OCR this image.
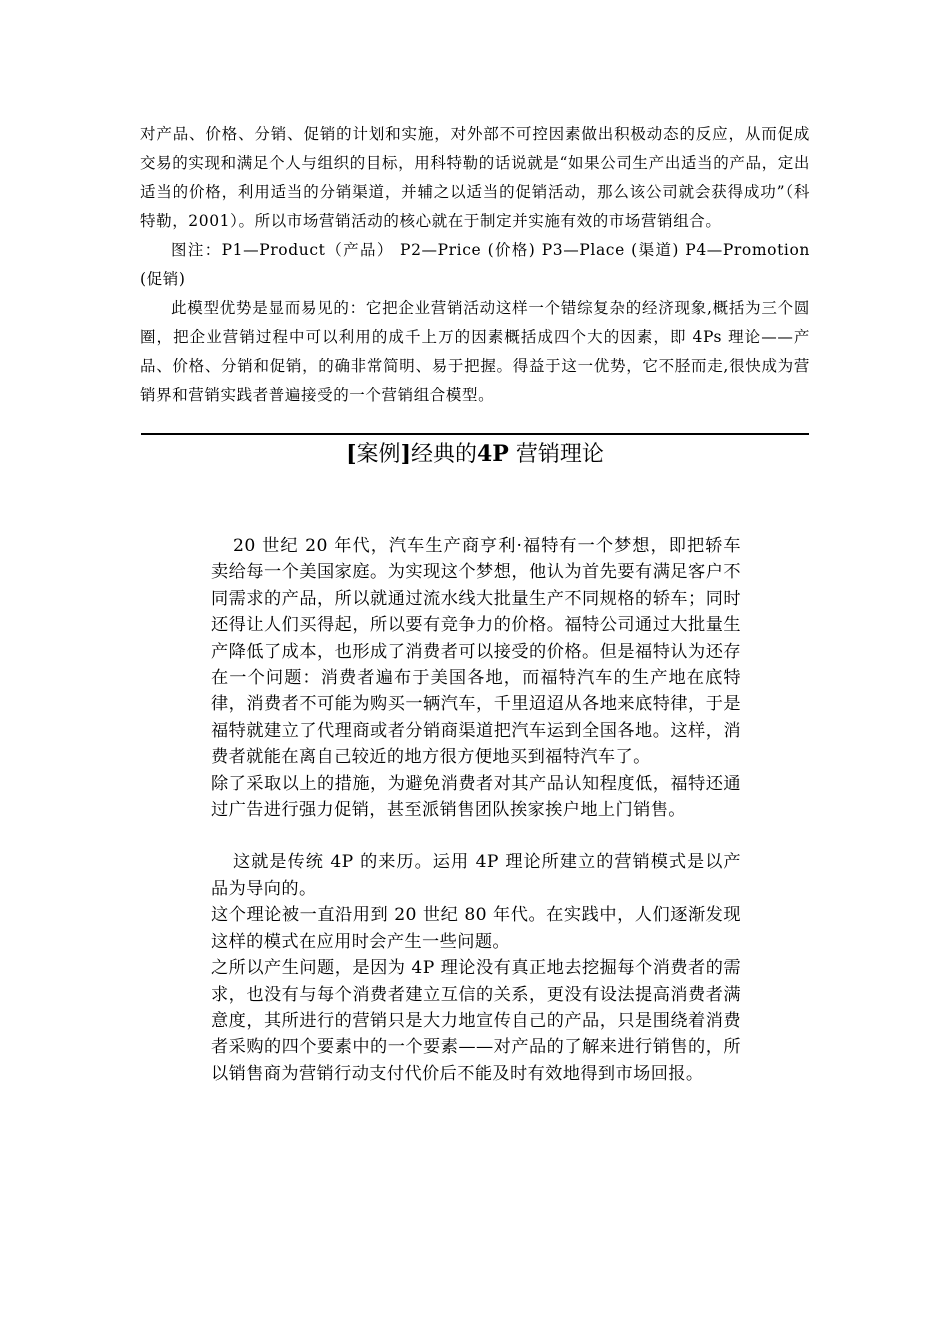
对产品、价格、分销、促销的计划和实施，对外部不可控因素做出积极动态的反应，从而促成交易的实现和满足个人与组织的目标，用科特勒的话说就是“如果公司生产出适当的产品，定出适当的价格，利用适当的分销渠道，并辅之以适当的促销活动，那么该公司就会获得成功”（科特勒，2001）。所以市场营销活动的核心就在于制定并实施有效的市场营销组合。

图注：P1—Product（产品） P2—Price (价格) P3—Place (渠道) P4—Promotion (促销)

此模型优势是显而易见的：它把企业营销活动这样一个错综复杂的经济现象,概括为三个圆圈，把企业营销过程中可以利用的成千上万的因素概括成四个大的因素，即 4Ps 理论——产品、价格、分销和促销，的确非常简明、易于把握。得益于这一优势，它不胫而走,很快成为营销界和营销实践者普遍接受的一个营销组合模型。

[案例]经典的4P 营销理论

20 世纪 20 年代，汽车生产商亨利·福特有一个梦想，即把轿车卖给每一个美国家庭。为实现这个梦想，他认为首先要有满足客户不同需求的产品，所以就通过流水线大批量生产不同规格的轿车；同时还得让人们买得起，所以要有竞争力的价格。福特公司通过大批量生产降低了成本，也形成了消费者可以接受的价格。但是福特认为还存在一个问题：消费者遍布于美国各地，而福特汽车的生产地在底特律，消费者不可能为购买一辆汽车，千里迢迢从各地来底特律，于是福特就建立了代理商或者分销商渠道把汽车运到全国各地。这样，消费者就能在离自己较近的地方很方便地买到福特汽车了。

除了采取以上的措施，为避免消费者对其产品认知程度低，福特还通过广告进行强力促销，甚至派销售团队挨家挨户地上门销售。

这就是传统 4P 的来历。运用 4P 理论所建立的营销模式是以产品为导向的。

这个理论被一直沿用到 20 世纪 80 年代。在实践中，人们逐渐发现这样的模式在应用时会产生一些问题。

之所以产生问题，是因为 4P 理论没有真正地去挖掘每个消费者的需求，也没有与每个消费者建立互信的关系，更没有设法提高消费者满意度，其所进行的营销只是大力地宣传自己的产品，只是围绕着消费者采购的四个要素中的一个要素——对产品的了解来进行销售的，所以销售商为营销行动支付代价后不能及时有效地得到市场回报。
